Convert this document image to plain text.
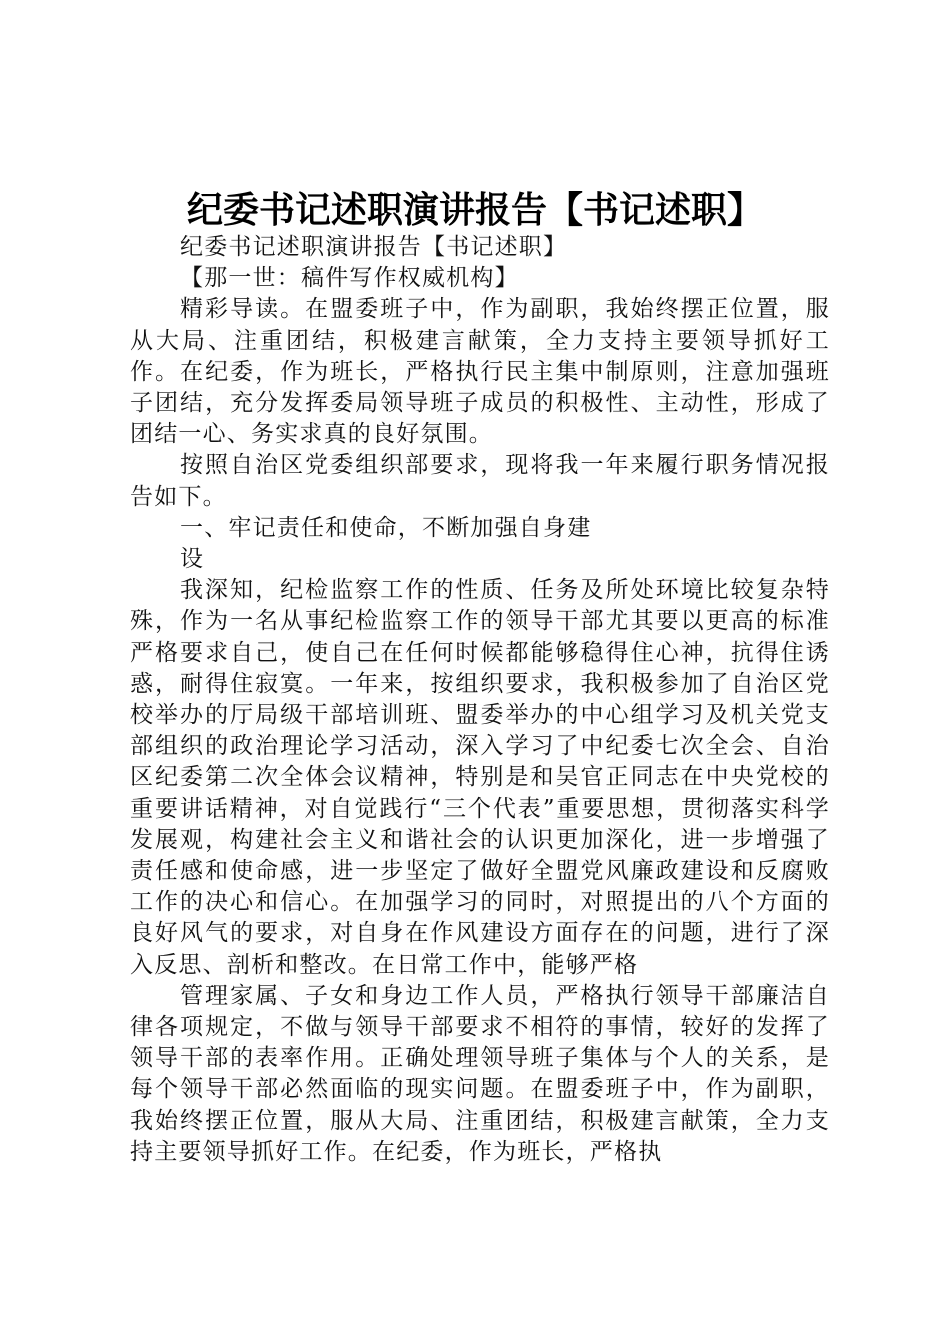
纪委书记述职演讲报告【书记述职】

纪委书记述职演讲报告【书记述职】

【那一世：稿件写作权威机构】

精彩导读。在盟委班子中，作为副职，我始终摆正位置，服从大局、注重团结，积极建言献策，全力支持主要领导抓好工作。在纪委，作为班长，严格执行民主集中制原则，注意加强班子团结，充分发挥委局领导班子成员的积极性、主动性，形成了团结一心、务实求真的良好氛围。

按照自治区党委组织部要求，现将我一年来履行职务情况报告如下。

一、牢记责任和使命，不断加强自身建

设

我深知，纪检监察工作的性质、任务及所处环境比较复杂特殊，作为一名从事纪检监察工作的领导干部尤其要以更高的标准严格要求自己，使自己在任何时候都能够稳得住心神，抗得住诱惑，耐得住寂寞。一年来，按组织要求，我积极参加了自治区党校举办的厅局级干部培训班、盟委举办的中心组学习及机关党支部组织的政治理论学习活动，深入学习了中纪委七次全会、自治区纪委第二次全体会议精神，特别是和吴官正同志在中央党校的重要讲话精神，对自觉践行“三个代表”重要思想，贯彻落实科学发展观，构建社会主义和谐社会的认识更加深化，进一步增强了责任感和使命感，进一步坚定了做好全盟党风廉政建设和反腐败工作的决心和信心。在加强学习的同时，对照提出的八个方面的良好风气的要求，对自身在作风建设方面存在的问题，进行了深入反思、剖析和整改。在日常工作中，能够严格

管理家属、子女和身边工作人员，严格执行领导干部廉洁自律各项规定，不做与领导干部要求不相符的事情，较好的发挥了领导干部的表率作用。正确处理领导班子集体与个人的关系，是每个领导干部必然面临的现实问题。在盟委班子中，作为副职，我始终摆正位置，服从大局、注重团结，积极建言献策，全力支持主要领导抓好工作。在纪委，作为班长，严格执
